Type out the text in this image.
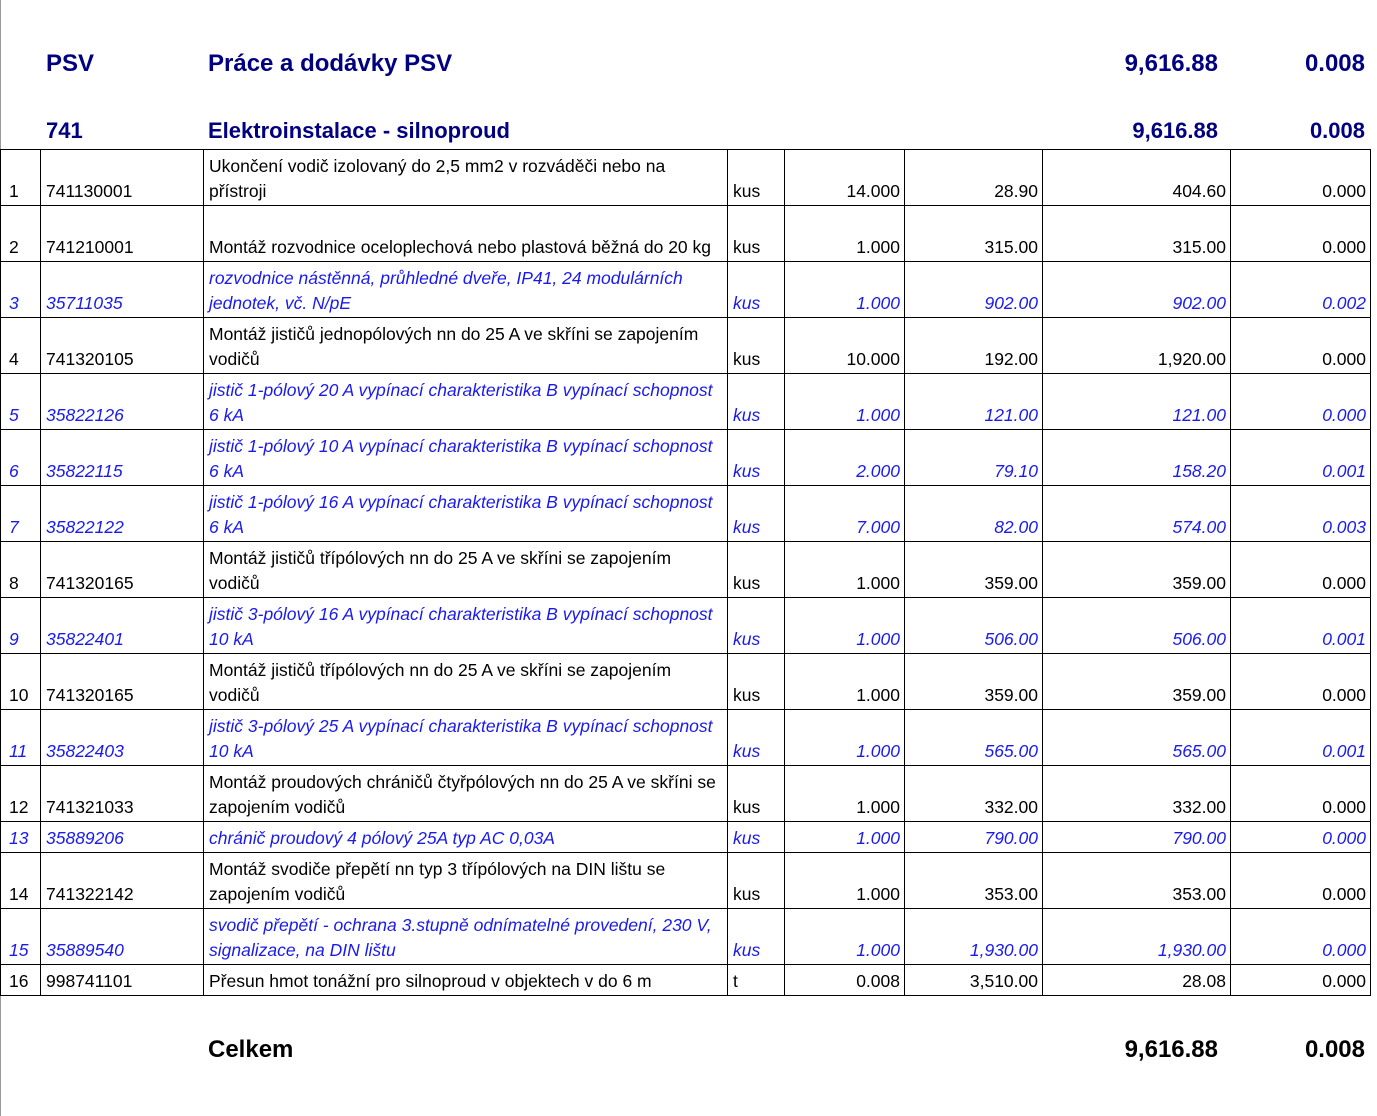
PSV	Práce a dodávky PSV	9,616.88	0.008
741	Elektroinstalace - silnoproud	9,616.88	0.008
1	741130001	Ukončení vodič izolovaný do 2,5 mm2 v rozváděči nebo na přístroji	kus	14.000	28.90	404.60	0.000
2	741210001	Montáž rozvodnice oceloplechová nebo plastová běžná do 20 kg	kus	1.000	315.00	315.00	0.000
3	35711035	rozvodnice nástěnná, průhledné dveře, IP41, 24 modulárních jednotek, vč. N/pE	kus	1.000	902.00	902.00	0.002
4	741320105	Montáž jističů jednopólových nn do 25 A ve skříni se zapojením vodičů	kus	10.000	192.00	1,920.00	0.000
5	35822126	jistič 1-pólový 20 A vypínací charakteristika B vypínací schopnost 6 kA	kus	1.000	121.00	121.00	0.000
6	35822115	jistič 1-pólový 10 A vypínací charakteristika B vypínací schopnost 6 kA	kus	2.000	79.10	158.20	0.001
7	35822122	jistič 1-pólový 16 A vypínací charakteristika B vypínací schopnost 6 kA	kus	7.000	82.00	574.00	0.003
8	741320165	Montáž jističů třípólových nn do 25 A ve skříni se zapojením vodičů	kus	1.000	359.00	359.00	0.000
9	35822401	jistič 3-pólový 16 A vypínací charakteristika B vypínací schopnost 10 kA	kus	1.000	506.00	506.00	0.001
10	741320165	Montáž jističů třípólových nn do 25 A ve skříni se zapojením vodičů	kus	1.000	359.00	359.00	0.000
11	35822403	jistič 3-pólový 25 A vypínací charakteristika B vypínací schopnost 10 kA	kus	1.000	565.00	565.00	0.001
12	741321033	Montáž proudových chráničů čtyřpólových nn do 25 A ve skříni se zapojením vodičů	kus	1.000	332.00	332.00	0.000
13	35889206	chránič proudový 4 pólový 25A typ AC 0,03A	kus	1.000	790.00	790.00	0.000
14	741322142	Montáž svodiče přepětí nn typ 3 třípólových na DIN lištu se zapojením vodičů	kus	1.000	353.00	353.00	0.000
15	35889540	svodič přepětí - ochrana 3.stupně odnímatelné provedení, 230 V, signalizace, na DIN lištu	kus	1.000	1,930.00	1,930.00	0.000
16	998741101	Přesun hmot tonážní pro silnoproud v objektech v do 6 m	t	0.008	3,510.00	28.08	0.000
Celkem	9,616.88	0.008
